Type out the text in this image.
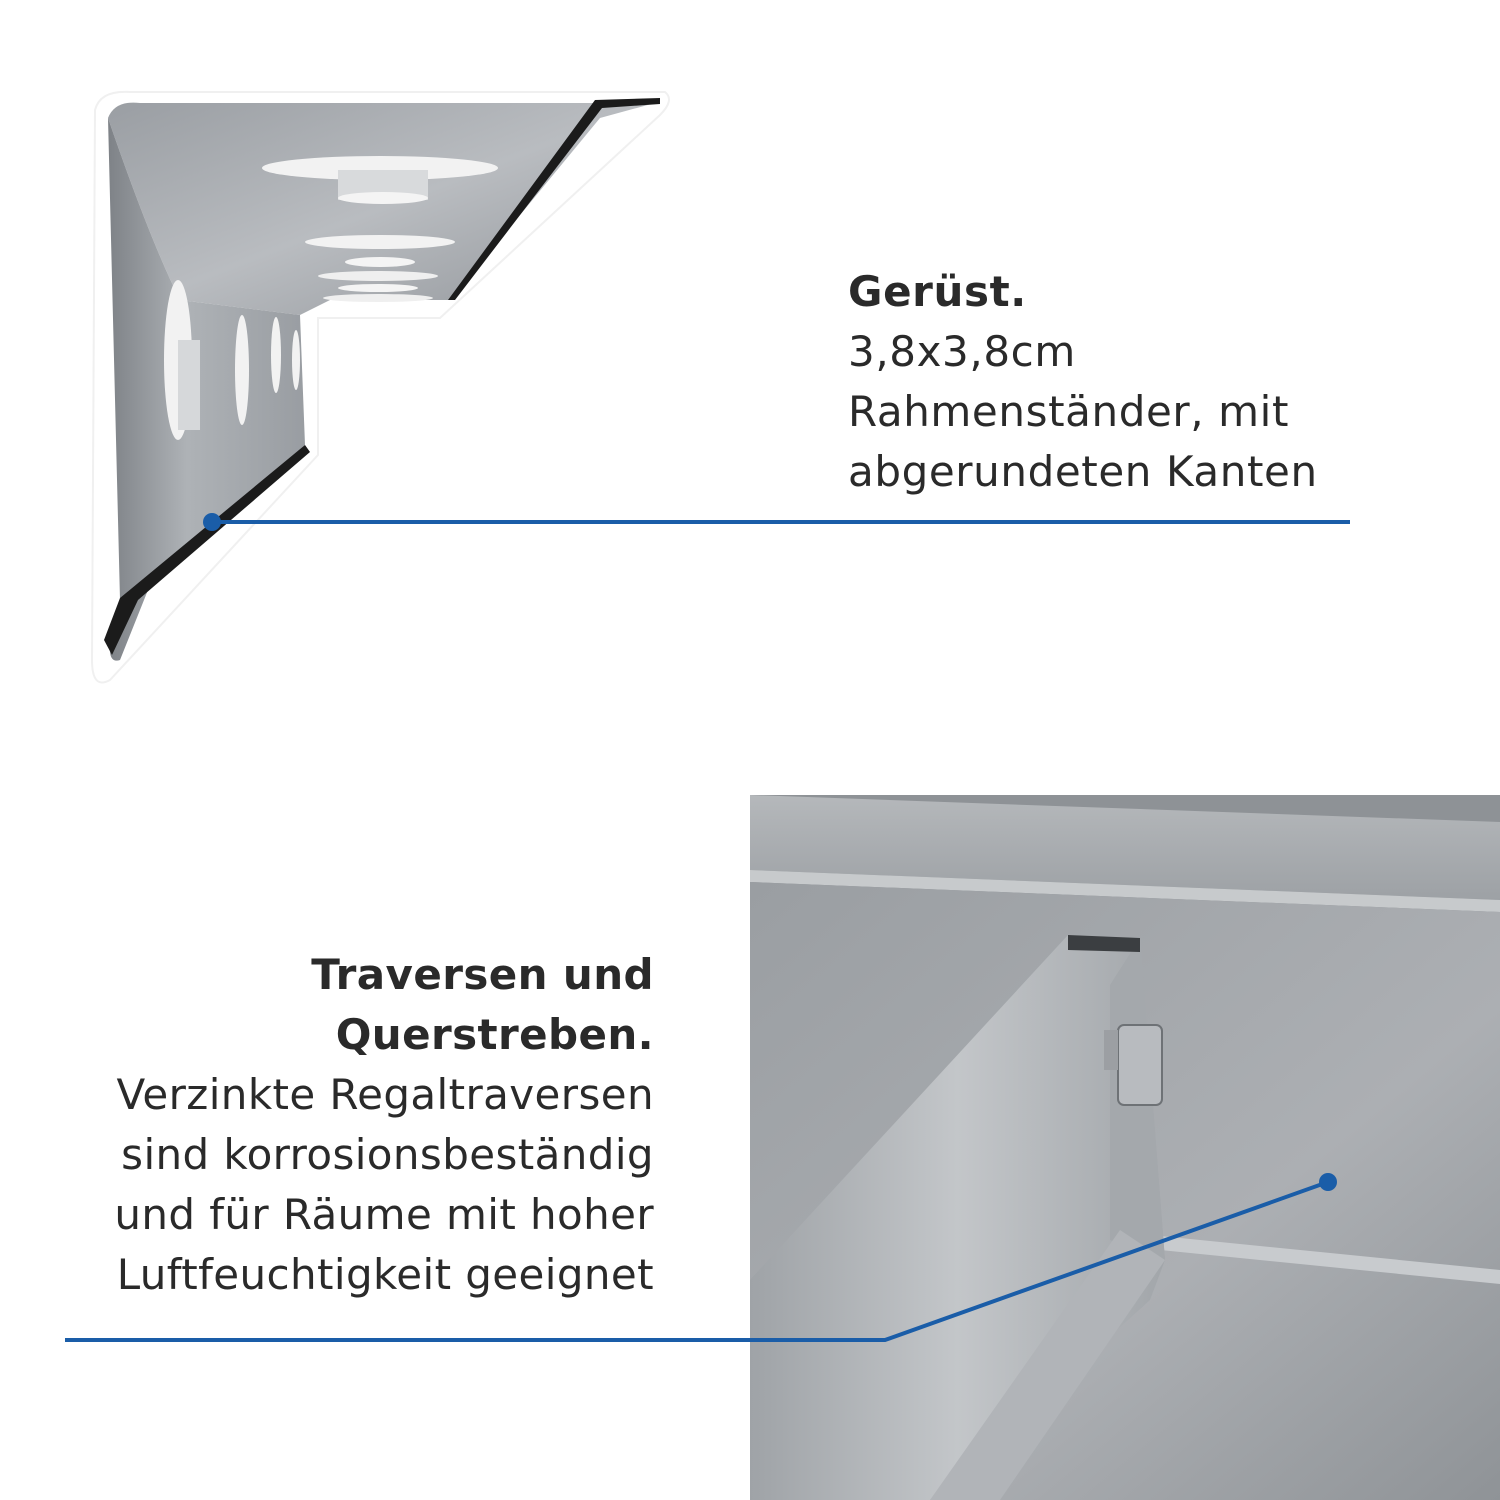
Gerüst.
3,8x3,8cm
Rahmenständer, mit
abgerundeten Kanten
Traversen und
Querstreben.
Verzinkte Regaltraversen
sind korrosionsbeständig
und für Räume mit hoher
Luftfeuchtigkeit geeignet
